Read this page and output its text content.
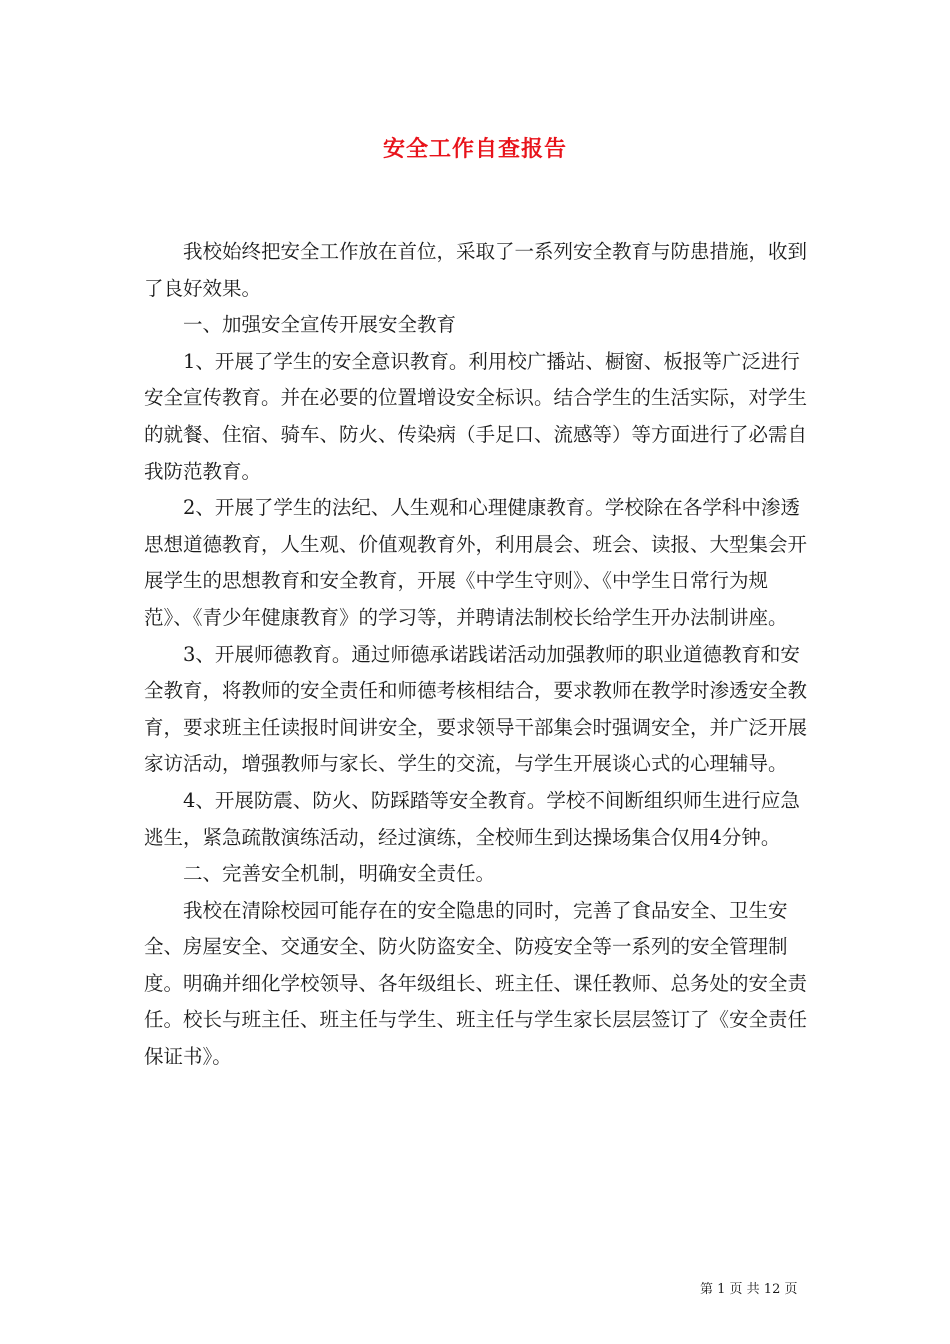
安全工作自查报告

我校始终把安全工作放在首位，采取了一系列安全教育与防患措施，收到了良好效果。

一、加强安全宣传开展安全教育

1、开展了学生的安全意识教育。利用校广播站、橱窗、板报等广泛进行安全宣传教育。并在必要的位置增设安全标识。结合学生的生活实际，对学生的就餐、住宿、骑车、防火、传染病（手足口、流感等）等方面进行了必需自我防范教育。

2、开展了学生的法纪、人生观和心理健康教育。学校除在各学科中渗透思想道德教育，人生观、价值观教育外，利用晨会、班会、读报、大型集会开展学生的思想教育和安全教育，开展《中学生守则》、《中学生日常行为规范》、《青少年健康教育》的学习等，并聘请法制校长给学生开办法制讲座。

3、开展师德教育。通过师德承诺践诺活动加强教师的职业道德教育和安全教育，将教师的安全责任和师德考核相结合，要求教师在教学时渗透安全教育，要求班主任读报时间讲安全，要求领导干部集会时强调安全，并广泛开展家访活动，增强教师与家长、学生的交流，与学生开展谈心式的心理辅导。

4、开展防震、防火、防踩踏等安全教育。学校不间断组织师生进行应急逃生，紧急疏散演练活动，经过演练，全校师生到达操场集合仅用4分钟。

二、完善安全机制，明确安全责任。

我校在清除校园可能存在的安全隐患的同时，完善了食品安全、卫生安全、房屋安全、交通安全、防火防盗安全、防疫安全等一系列的安全管理制度。明确并细化学校领导、各年级组长、班主任、课任教师、总务处的安全责任。校长与班主任、班主任与学生、班主任与学生家长层层签订了《安全责任保证书》。

第 1 页 共 12 页
